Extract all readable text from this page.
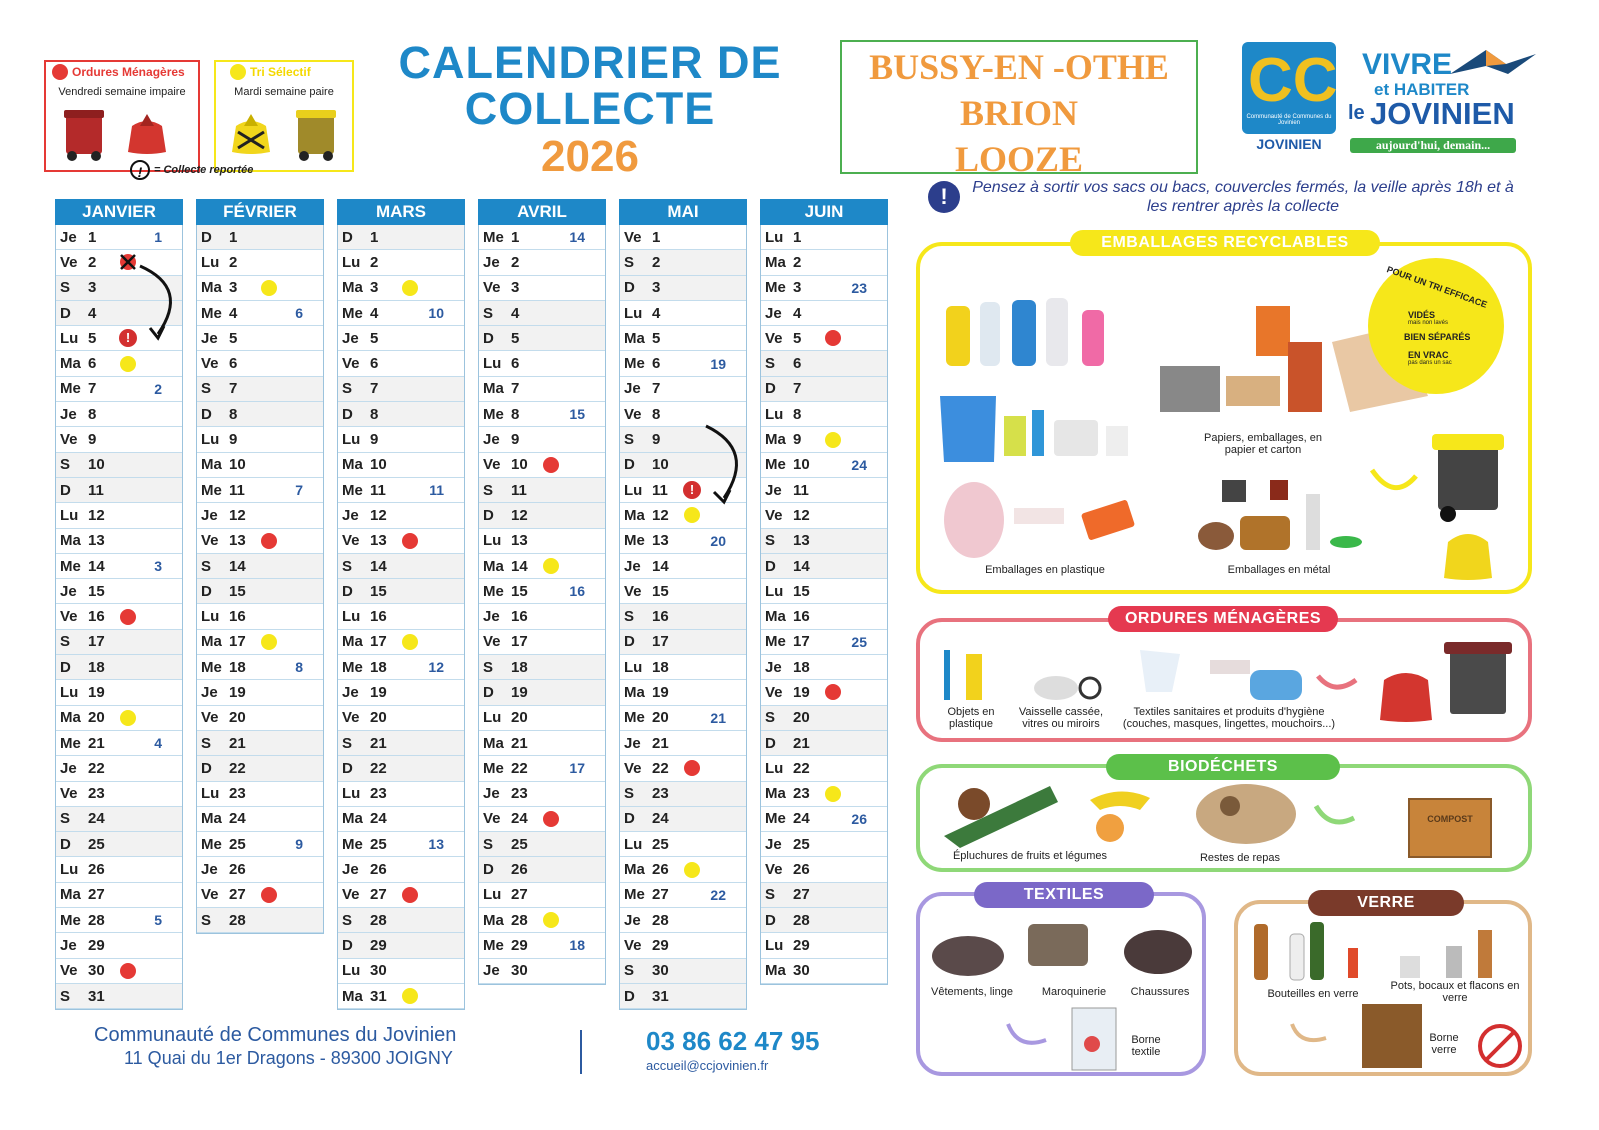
Ordures Ménagères
Vendredi semaine impaire
Tri Sélectif
Mardi semaine paire
!	= Collecte reportée
CALENDRIER DE
COLLECTE
2026
BUSSY-EN -OTHE
BRION
LOOZE
CC
Communauté de Communes du Jovinien
JOVINIEN
VIVRE
et HABITER
le JOVINIEN
aujourd'hui, demain...
!	Pensez à sortir vos sacs ou bacs, couvercles fermés, la veille après 18h et à les rentrer après la collecte
JANVIER
Je 1	1
Ve 2
S	3
D	4
Lu 5	!
Ma 6
Me 7	2
Je 8
Ve 9
S	10
D	11
Lu 12
Ma 13
Me 14	3
Je 15
Ve 16
S	17
D	18
Lu 19
Ma 20
Me 21	4
Je 22
Ve 23
S	24
D	25
Lu 26
Ma 27
Me 28	5
Je 29
Ve 30
S	31
FÉVRIER
D	1
Lu 2
Ma 3
Me 4	6
Je 5
Ve 6
S	7
D	8
Lu 9
Ma 10
Me 11	7
Je 12
Ve 13
S	14
D	15
Lu 16
Ma 17
Me 18	8
Je 19
Ve 20
S	21
D	22
Lu 23
Ma 24
Me 25	9
Je 26
Ve 27
S	28
MARS
D	1
Lu 2
Ma 3
Me 4	10
Je 5
Ve 6
S	7
D	8
Lu 9
Ma 10
Me 11	11
Je 12
Ve 13
S	14
D	15
Lu 16
Ma 17
Me 18	12
Je 19
Ve 20
S	21
D	22
Lu 23
Ma 24
Me 25	13
Je 26
Ve 27
S	28
D	29
Lu 30
Ma 31
AVRIL
Me 1	14
Je 2
Ve 3
S	4
D	5
Lu 6
Ma 7
Me 8	15
Je 9
Ve 10
S	11
D	12
Lu 13
Ma 14
Me 15	16
Je 16
Ve 17
S	18
D	19
Lu 20
Ma 21
Me 22	17
Je 23
Ve 24
S	25
D	26
Lu 27
Ma 28
Me 29	18
Je 30
MAI
Ve 1
S	2
D	3
Lu 4
Ma 5
Me 6	19
Je 7
Ve 8
S	9
D	10
Lu 11	!
Ma 12
Me 13	20
Je 14
Ve 15
S	16
D	17
Lu 18
Ma 19
Me 20	21
Je 21
Ve 22
S	23
D	24
Lu 25
Ma 26
Me 27	22
Je 28
Ve 29
S	30
D	31
JUIN
Lu 1
Ma 2
Me 3	23
Je 4
Ve 5
S	6
D	7
Lu 8
Ma 9
Me 10	24
Je 11
Ve 12
S	13
D	14
Lu 15
Ma 16
Me 17	25
Je 18
Ve 19
S	20
D	21
Lu 22
Ma 23
Me 24	26
Je 25
Ve 26
S	27
D	28
Lu 29
Ma 30
EMBALLAGES RECYCLABLES
Papiers, emballages, en papier et carton
Emballages en plastique	Emballages en métal
POUR UN TRI EFFICACE
VIDÉS
mais non lavés
BIEN SÉPARÉS
EN VRAC
pas dans un sac
ORDURES MÉNAGÈRES
Objets en plastique
Vaisselle cassée, vitres ou miroirs
Textiles sanitaires et produits d'hygiène (couches, masques, lingettes, mouchoirs...)
BIODÉCHETS
Épluchures de fruits et légumes	Restes de repas
COMPOST
TEXTILES
Vêtements, linge	Maroquinerie	Chaussures
Borne textile
VERRE
Bouteilles en verre
Pots, bocaux et flacons en verre
Borne verre
Communauté de Communes du Jovinien
11 Quai du 1er Dragons - 89300 JOIGNY
03 86 62 47 95
accueil@ccjovinien.fr
